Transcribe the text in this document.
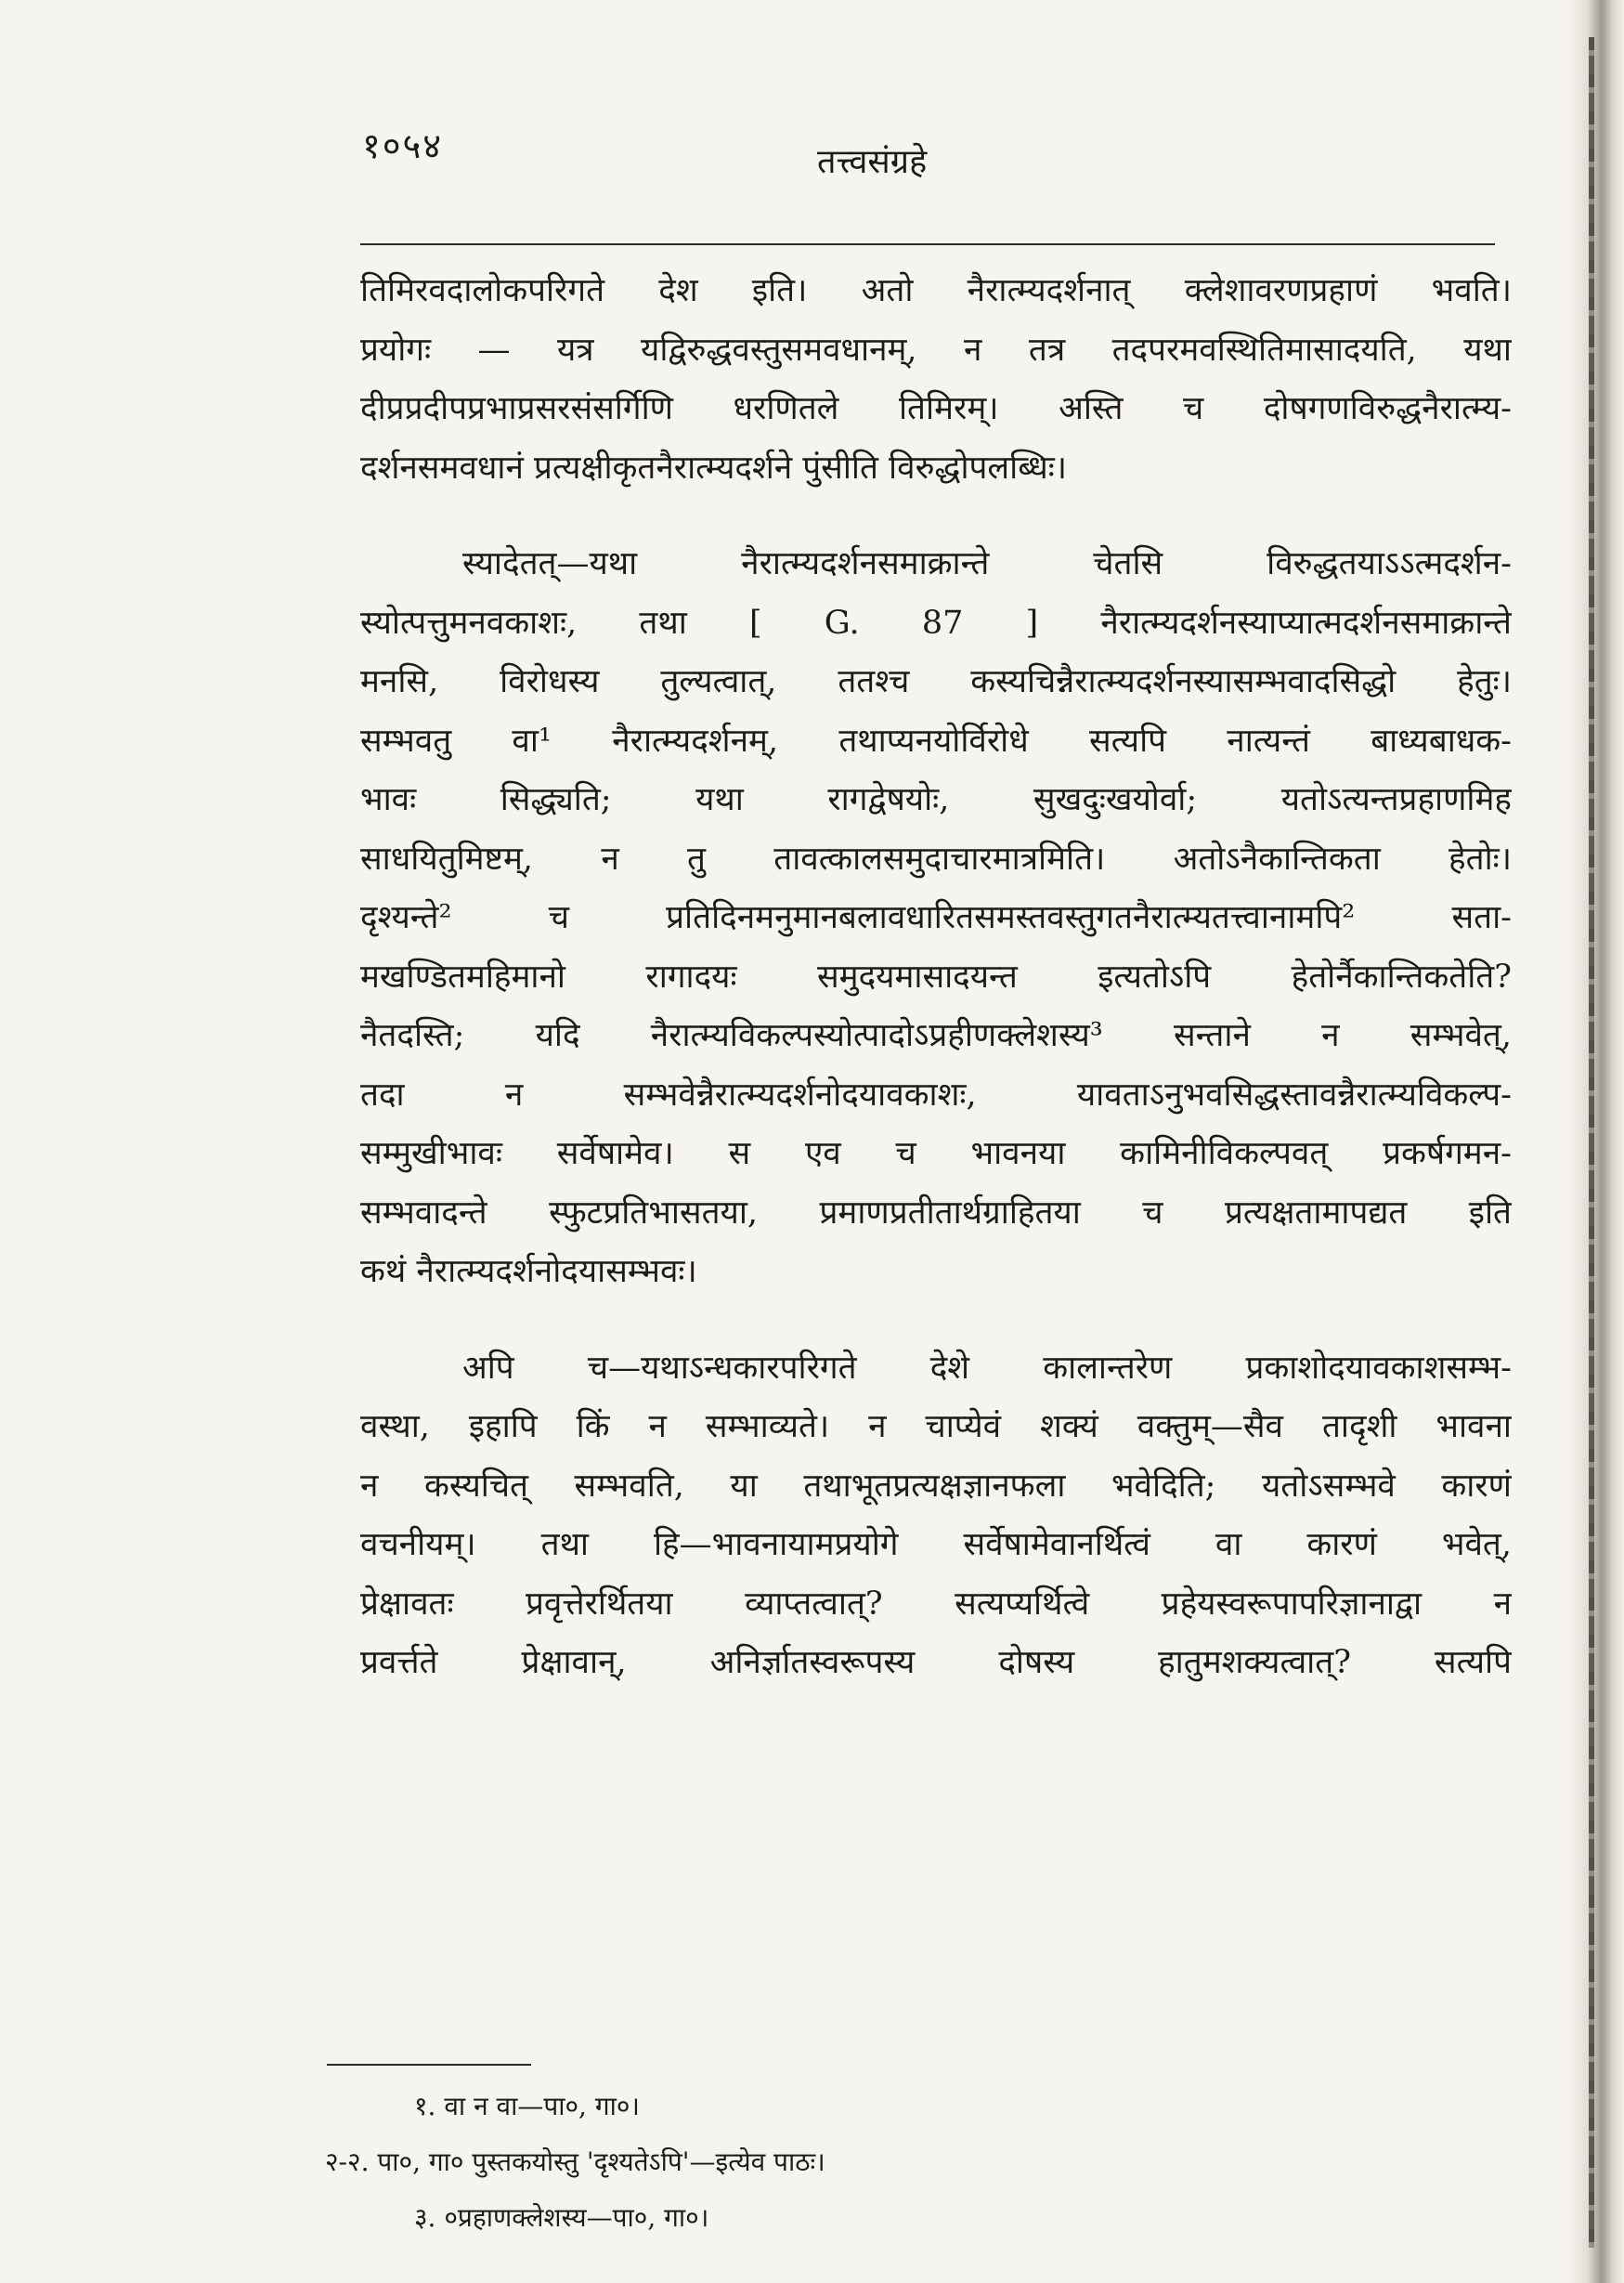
१०५४	तत्त्वसंग्रहे
तिमिरवदालोकपरिगते देश इति। अतो नैरात्म्यदर्शनात् क्लेशावरणप्रहाणं भवति।
प्रयोगः — यत्र यद्विरुद्धवस्तुसमवधानम्, न तत्र तदपरमवस्थितिमासादयति, यथा
दीप्रप्रदीपप्रभाप्रसरसंसर्गिणि धरणितले तिमिरम्। अस्ति च दोषगणविरुद्धनैरात्म्य-
दर्शनसमवधानं प्रत्यक्षीकृतनैरात्म्यदर्शने पुंसीति विरुद्धोपलब्धिः।
स्यादेतत्—यथा नैरात्म्यदर्शनसमाक्रान्ते चेतसि विरुद्धतयाऽऽत्मदर्शन-
स्योत्पत्तुमनवकाशः, तथा [ G. 87 ] नैरात्म्यदर्शनस्याप्यात्मदर्शनसमाक्रान्ते
मनसि, विरोधस्य तुल्यत्वात्, ततश्च कस्यचिन्नैरात्म्यदर्शनस्यासम्भवादसिद्धो हेतुः।
सम्भवतु वा¹ नैरात्म्यदर्शनम्, तथाप्यनयोर्विरोधे सत्यपि नात्यन्तं बाध्यबाधक-
भावः सिद्ध्यति; यथा रागद्वेषयोः, सुखदुःखयोर्वा; यतोऽत्यन्तप्रहाणमिह
साधयितुमिष्टम्, न तु तावत्कालसमुदाचारमात्रमिति। अतोऽनैकान्तिकता हेतोः।
दृश्यन्ते² च प्रतिदिनमनुमानबलावधारितसमस्तवस्तुगतनैरात्म्यतत्त्वानामपि² सता-
मखण्डितमहिमानो रागादयः समुदयमासादयन्त इत्यतोऽपि हेतोर्नैकान्तिकतेति?
नैतदस्ति; यदि नैरात्म्यविकल्पस्योत्पादोऽप्रहीणक्लेशस्य³ सन्ताने न सम्भवेत्,
तदा न सम्भवेन्नैरात्म्यदर्शनोदयावकाशः, यावताऽनुभवसिद्धस्तावन्नैरात्म्यविकल्प-
सम्मुखीभावः सर्वेषामेव। स एव च भावनया कामिनीविकल्पवत् प्रकर्षगमन-
सम्भवादन्ते स्फुटप्रतिभासतया, प्रमाणप्रतीतार्थग्राहितया च प्रत्यक्षतामापद्यत इति
कथं नैरात्म्यदर्शनोदयासम्भवः।
अपि च—यथाऽन्धकारपरिगते देशे कालान्तरेण प्रकाशोदयावकाशसम्भ-
वस्था, इहापि किं न सम्भाव्यते। न चाप्येवं शक्यं वक्तुम्—सैव तादृशी भावना
न कस्यचित् सम्भवति, या तथाभूतप्रत्यक्षज्ञानफला भवेदिति; यतोऽसम्भवे कारणं
वचनीयम्। तथा हि—भावनायामप्रयोगे सर्वेषामेवानर्थित्वं वा कारणं भवेत्,
प्रेक्षावतः प्रवृत्तेरर्थितया व्याप्तत्वात्? सत्यप्यर्थित्वे प्रहेयस्वरूपापरिज्ञानाद्वा न
प्रवर्त्तते प्रेक्षावान्, अनिर्ज्ञातस्वरूपस्य दोषस्य हातुमशक्यत्वात्? सत्यपि
१. वा न वा—पा०, गा०।
२-२. पा०, गा० पुस्तकयोस्तु 'दृश्यतेऽपि'—इत्येव पाठः।
३. ०प्रहाणक्लेशस्य—पा०, गा०।
